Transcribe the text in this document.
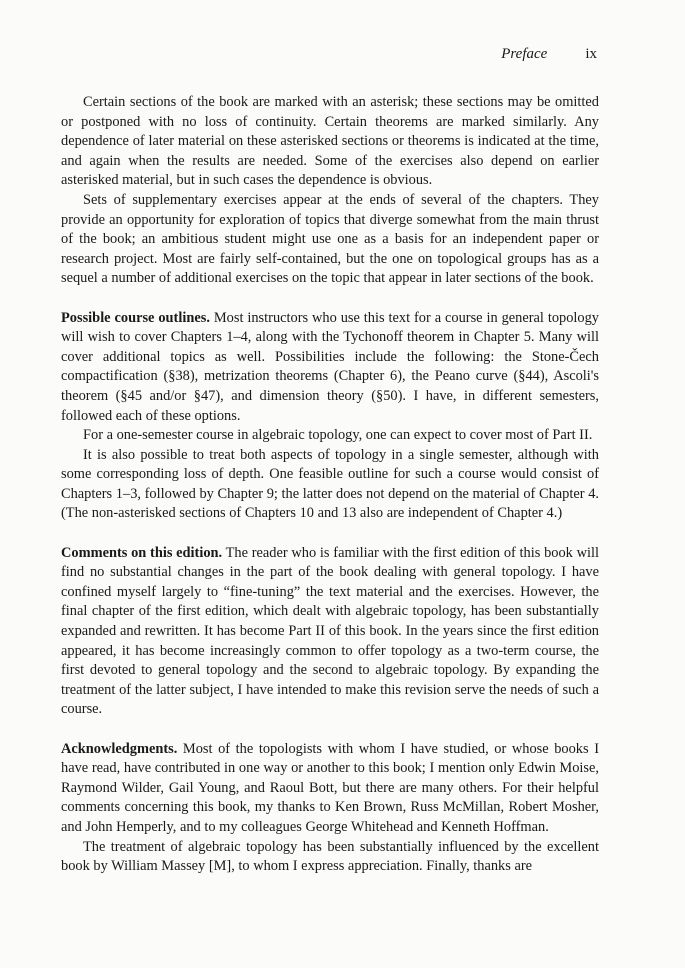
Preface	ix

Certain sections of the book are marked with an asterisk; these sections may be omitted or postponed with no loss of continuity. Certain theorems are marked similarly. Any dependence of later material on these asterisked sections or theorems is indicated at the time, and again when the results are needed. Some of the exercises also depend on earlier asterisked material, but in such cases the dependence is obvious.

Sets of supplementary exercises appear at the ends of several of the chapters. They provide an opportunity for exploration of topics that diverge somewhat from the main thrust of the book; an ambitious student might use one as a basis for an independent paper or research project. Most are fairly self-contained, but the one on topological groups has as a sequel a number of additional exercises on the topic that appear in later sections of the book.

Possible course outlines. Most instructors who use this text for a course in general topology will wish to cover Chapters 1–4, along with the Tychonoff theorem in Chapter 5. Many will cover additional topics as well. Possibilities include the following: the Stone-Čech compactification (§38), metrization theorems (Chapter 6), the Peano curve (§44), Ascoli's theorem (§45 and/or §47), and dimension theory (§50). I have, in different semesters, followed each of these options.

For a one-semester course in algebraic topology, one can expect to cover most of Part II.

It is also possible to treat both aspects of topology in a single semester, although with some corresponding loss of depth. One feasible outline for such a course would consist of Chapters 1–3, followed by Chapter 9; the latter does not depend on the material of Chapter 4. (The non-asterisked sections of Chapters 10 and 13 also are independent of Chapter 4.)

Comments on this edition. The reader who is familiar with the first edition of this book will find no substantial changes in the part of the book dealing with general topology. I have confined myself largely to “fine-tuning” the text material and the exercises. However, the final chapter of the first edition, which dealt with algebraic topology, has been substantially expanded and rewritten. It has become Part II of this book. In the years since the first edition appeared, it has become increasingly common to offer topology as a two-term course, the first devoted to general topology and the second to algebraic topology. By expanding the treatment of the latter subject, I have intended to make this revision serve the needs of such a course.

Acknowledgments. Most of the topologists with whom I have studied, or whose books I have read, have contributed in one way or another to this book; I mention only Edwin Moise, Raymond Wilder, Gail Young, and Raoul Bott, but there are many others. For their helpful comments concerning this book, my thanks to Ken Brown, Russ McMillan, Robert Mosher, and John Hemperly, and to my colleagues George Whitehead and Kenneth Hoffman.

The treatment of algebraic topology has been substantially influenced by the excellent book by William Massey [M], to whom I express appreciation. Finally, thanks are
